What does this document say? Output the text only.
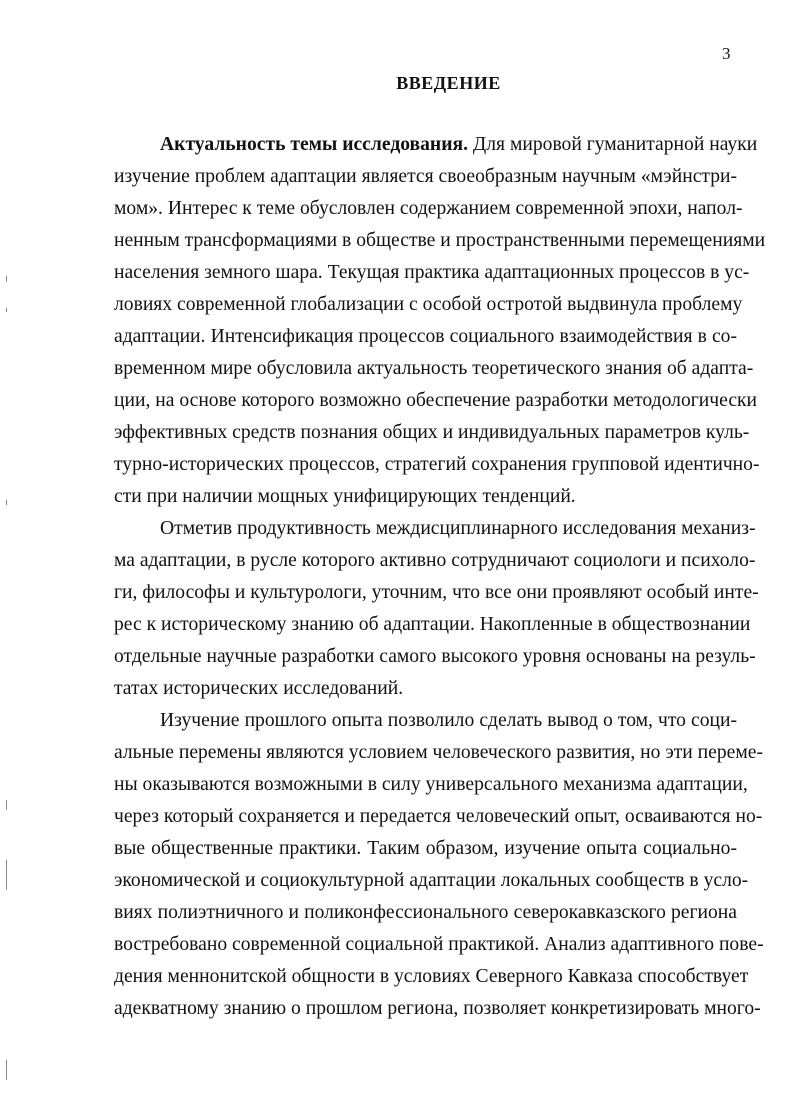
3
ВВЕДЕНИЕ
Актуальность темы исследования. Для мировой гуманитарной науки
изучение проблем адаптации является своеобразным научным «мэйнстри-
мом». Интерес к теме обусловлен содержанием современной эпохи, напол-
ненным трансформациями в обществе и пространственными перемещениями
населения земного шара. Текущая практика адаптационных процессов в ус-
ловиях современной глобализации с особой остротой выдвинула проблему
адаптации. Интенсификация процессов социального взаимодействия в со-
временном мире обусловила актуальность теоретического знания об адапта-
ции, на основе которого возможно обеспечение разработки методологически
эффективных средств познания общих и индивидуальных параметров куль-
турно-исторических процессов, стратегий сохранения групповой идентично-
сти при наличии мощных унифицирующих тенденций.
Отметив продуктивность междисциплинарного исследования механиз-
ма адаптации, в русле которого активно сотрудничают социологи и психоло-
ги, философы и культурологи, уточним, что все они проявляют особый инте-
рес к историческому знанию об адаптации. Накопленные в обществознании
отдельные научные разработки самого высокого уровня основаны на резуль-
татах исторических исследований.
Изучение прошлого опыта позволило сделать вывод о том, что соци-
альные перемены являются условием человеческого развития, но эти переме-
ны оказываются возможными в силу универсального механизма адаптации,
через который сохраняется и передается человеческий опыт, осваиваются но-
вые общественные практики. Таким образом, изучение опыта социально-
экономической и социокультурной адаптации локальных сообществ в усло-
виях полиэтничного и поликонфессионального северокавказского региона
востребовано современной социальной практикой. Анализ адаптивного пове-
дения меннонитской общности в условиях Северного Кавказа способствует
адекватному знанию о прошлом региона, позволяет конкретизировать много-
